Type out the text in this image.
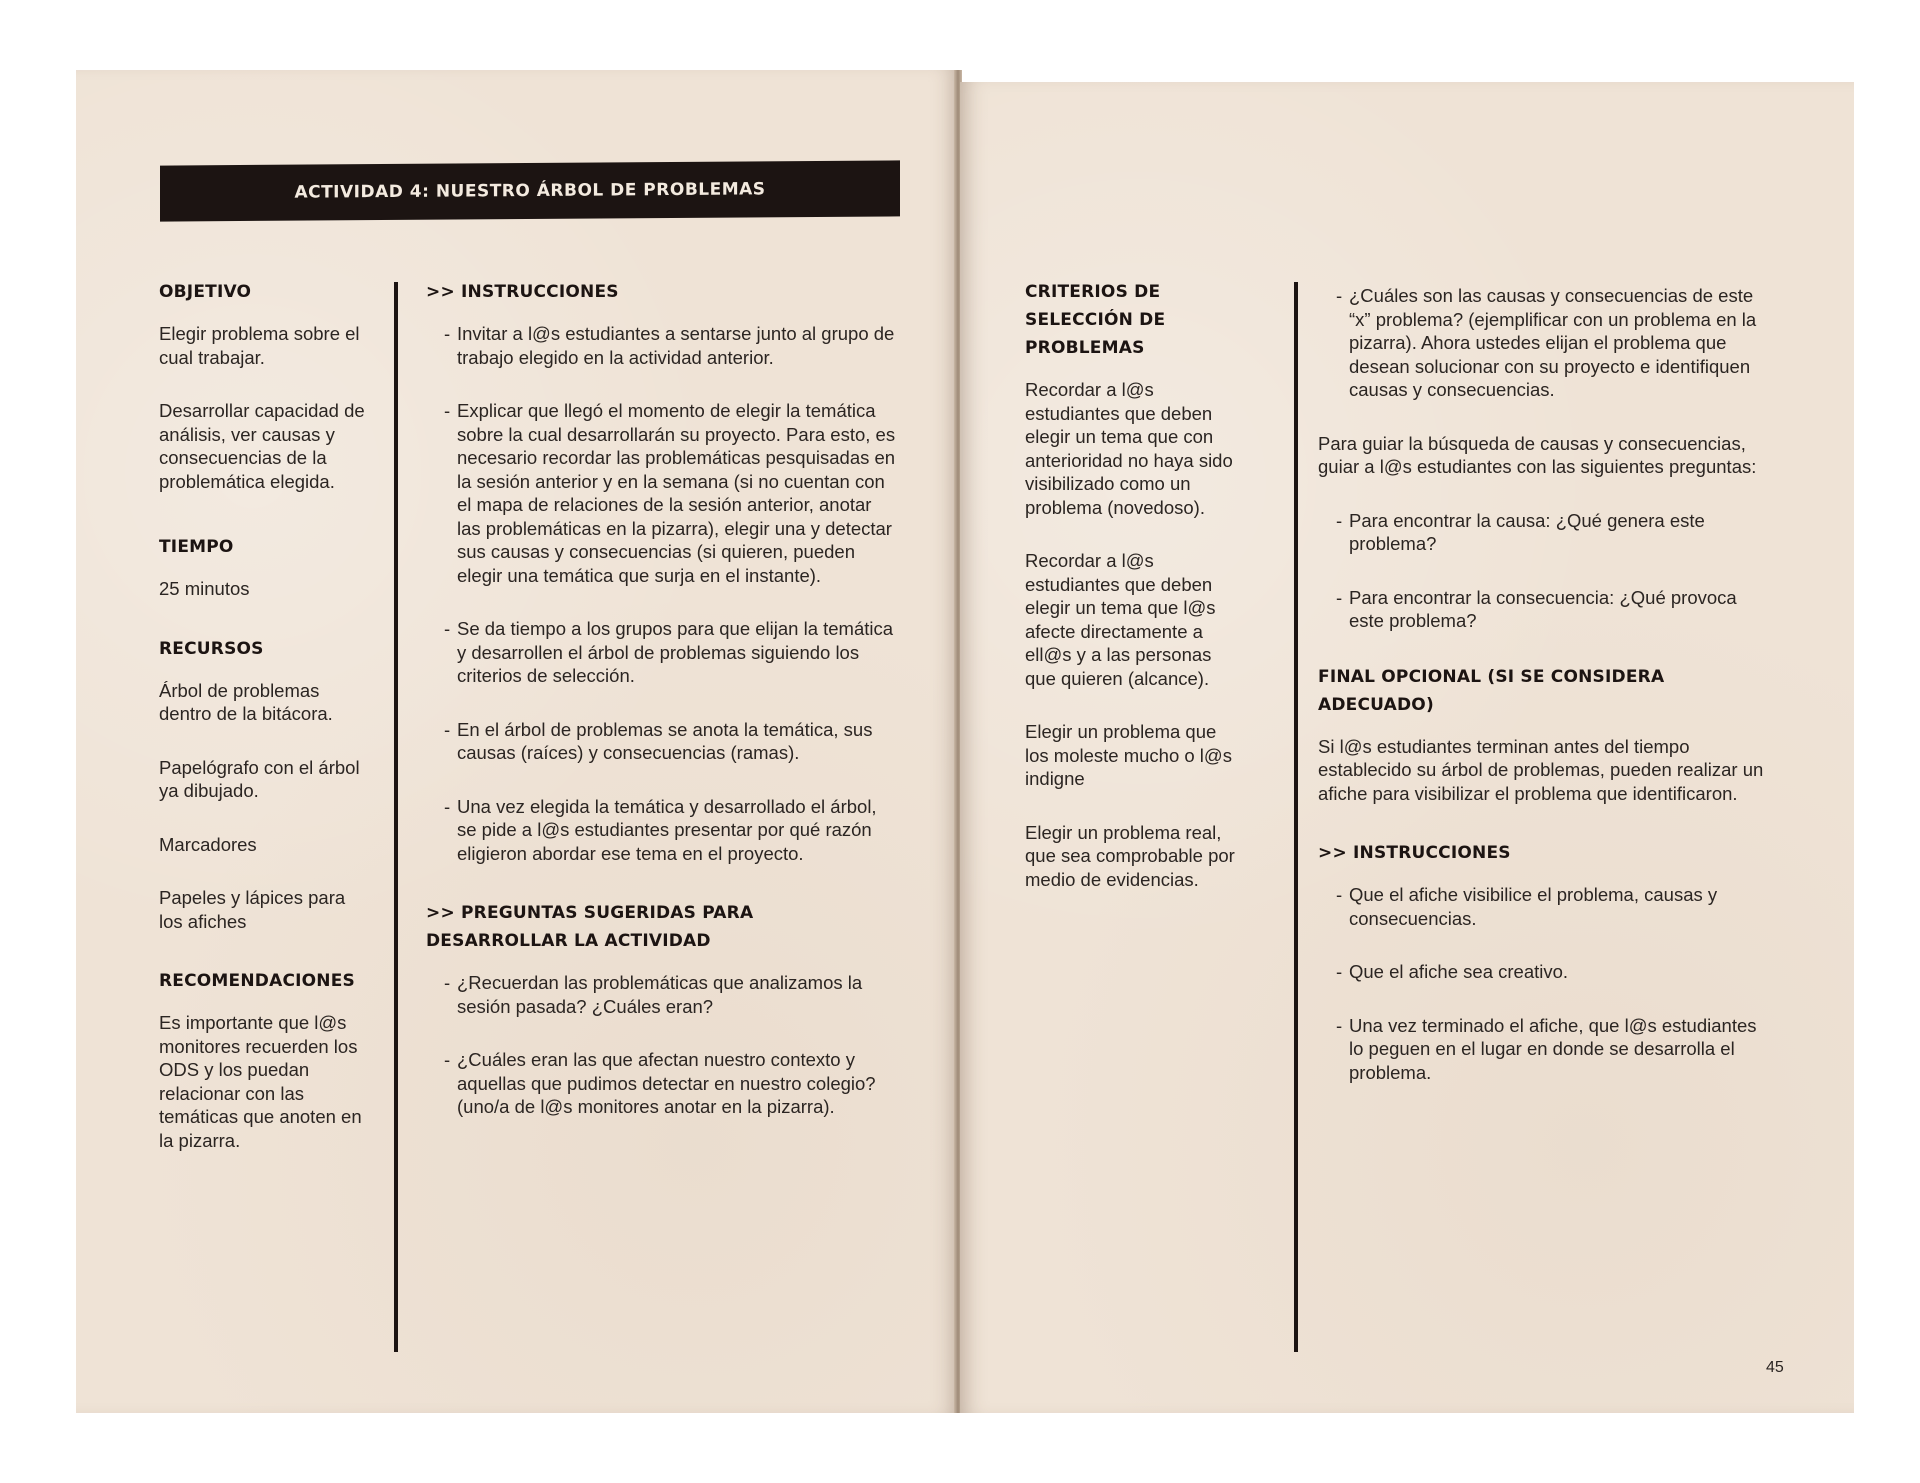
ACTIVIDAD 4: NUESTRO ÁRBOL DE PROBLEMAS
OBJETIVO

Elegir problema sobre el cual trabajar.

Desarrollar capacidad de análisis, ver causas y consecuencias de la problemática elegida.

TIEMPO

25 minutos

RECURSOS

Árbol de problemas dentro de la bitácora.

Papelógrafo con el árbol ya dibujado.

Marcadores

Papeles y lápices para los afiches

RECOMENDACIONES

Es importante que l@s monitores recuerden los ODS y los puedan relacionar con las temáticas que anoten en la pizarra.

>> INSTRUCCIONES

- Invitar a l@s estudiantes a sentarse junto al grupo de trabajo elegido en la actividad anterior.

- Explicar que llegó el momento de elegir la temática sobre la cual desarrollarán su proyecto. Para esto, es necesario recordar las problemáticas pesquisadas en la sesión anterior y en la semana (si no cuentan con el mapa de relaciones de la sesión anterior, anotar las problemáticas en la pizarra), elegir una y detectar sus causas y consecuencias (si quieren, pueden elegir una temática que surja en el instante).

- Se da tiempo a los grupos para que elijan la temática y desarrollen el árbol de problemas siguiendo los criterios de selección.

- En el árbol de problemas se anota la temática, sus causas (raíces) y consecuencias (ramas).

- Una vez elegida la temática y desarrollado el árbol, se pide a l@s estudiantes presentar por qué razón eligieron abordar ese tema en el proyecto.

>> PREGUNTAS SUGERIDAS PARA DESARROLLAR LA ACTIVIDAD

- ¿Recuerdan las problemáticas que analizamos la sesión pasada? ¿Cuáles eran?

- ¿Cuáles eran las que afectan nuestro contexto y aquellas que pudimos detectar en nuestro colegio? (uno/a de l@s monitores anotar en la pizarra).

CRITERIOS DE SELECCIÓN DE PROBLEMAS

Recordar a l@s estudiantes que deben elegir un tema que con anterioridad no haya sido visibilizado como un problema (novedoso).

Recordar a l@s estudiantes que deben elegir un tema que l@s afecte directamente a ell@s y a las personas que quieren (alcance).

Elegir un problema que los moleste mucho o l@s indigne

Elegir un problema real, que sea comprobable por medio de evidencias.

- ¿Cuáles son las causas y consecuencias de este “x” problema? (ejemplificar con un problema en la pizarra). Ahora ustedes elijan el problema que desean solucionar con su proyecto e identifiquen causas y consecuencias.

Para guiar la búsqueda de causas y consecuencias, guiar a l@s estudiantes con las siguientes preguntas:

- Para encontrar la causa: ¿Qué genera este problema?

- Para encontrar la consecuencia: ¿Qué provoca este problema?

FINAL OPCIONAL (SI SE CONSIDERA ADECUADO)

Si l@s estudiantes terminan antes del tiempo establecido su árbol de problemas, pueden realizar un afiche para visibilizar el problema que identificaron.

>> INSTRUCCIONES

- Que el afiche visibilice el problema, causas y consecuencias.

- Que el afiche sea creativo.

- Una vez terminado el afiche, que l@s estudiantes lo peguen en el lugar en donde se desarrolla el problema.

45
